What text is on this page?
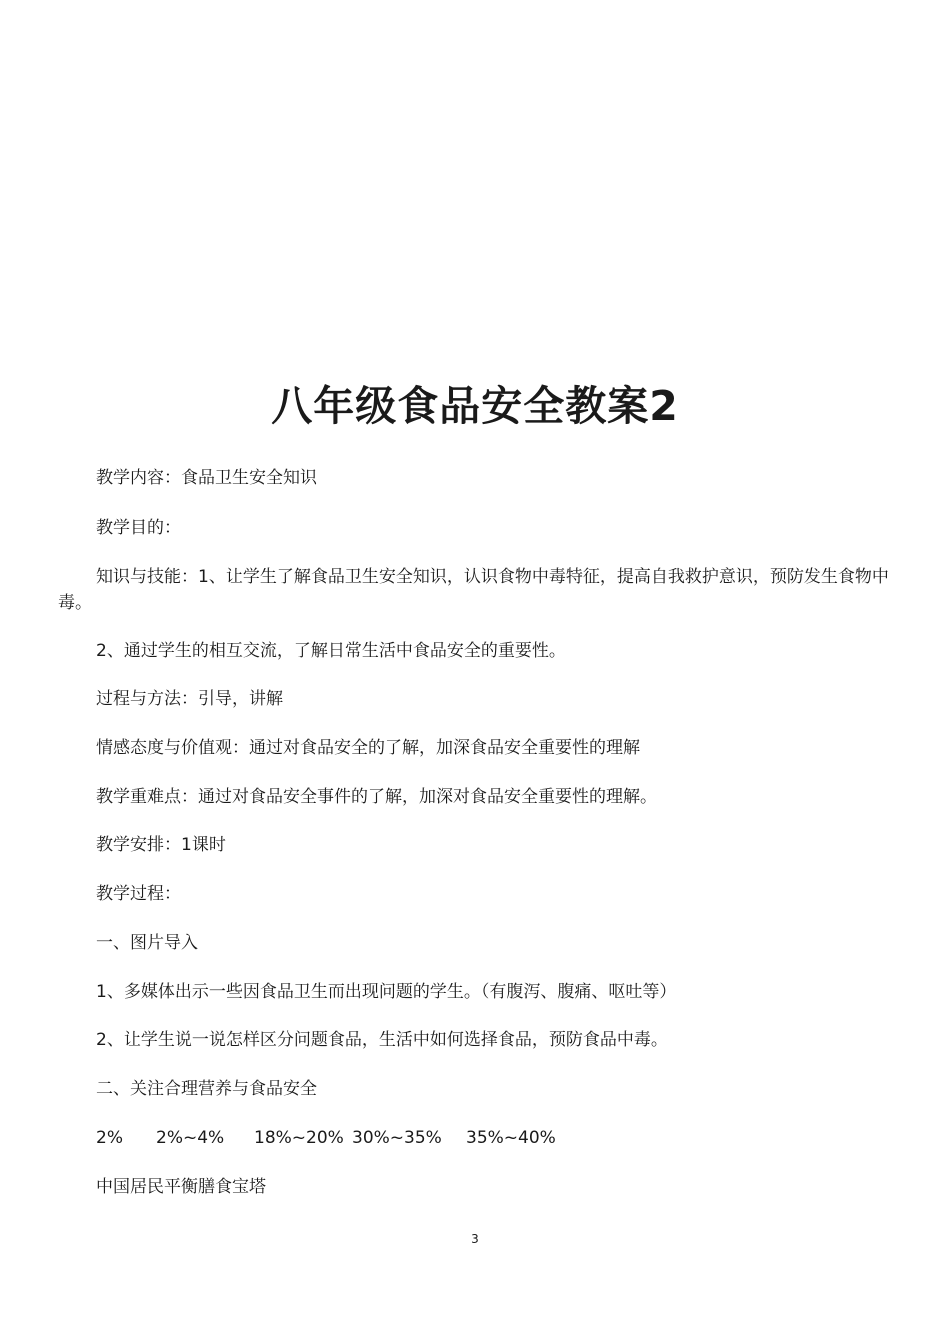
八年级食品安全教案2

教学内容：食品卫生安全知识

教学目的：

知识与技能：1、让学生了解食品卫生安全知识，认识食物中毒特征，提高自我救护意识，预防发生食物中毒。

2、通过学生的相互交流，了解日常生活中食品安全的重要性。

过程与方法：引导，讲解

情感态度与价值观：通过对食品安全的了解，加深食品安全重要性的理解

教学重难点：通过对食品安全事件的了解，加深对食品安全重要性的理解。

教学安排：1课时

教学过程：

一、图片导入

1、多媒体出示一些因食品卫生而出现问题的学生。（有腹泻、腹痛、呕吐等）

2、让学生说一说怎样区分问题食品，生活中如何选择食品，预防食品中毒。

二、关注合理营养与食品安全

2% 2%~4% 18%~20% 30%~35% 35%~40%

中国居民平衡膳食宝塔

3
